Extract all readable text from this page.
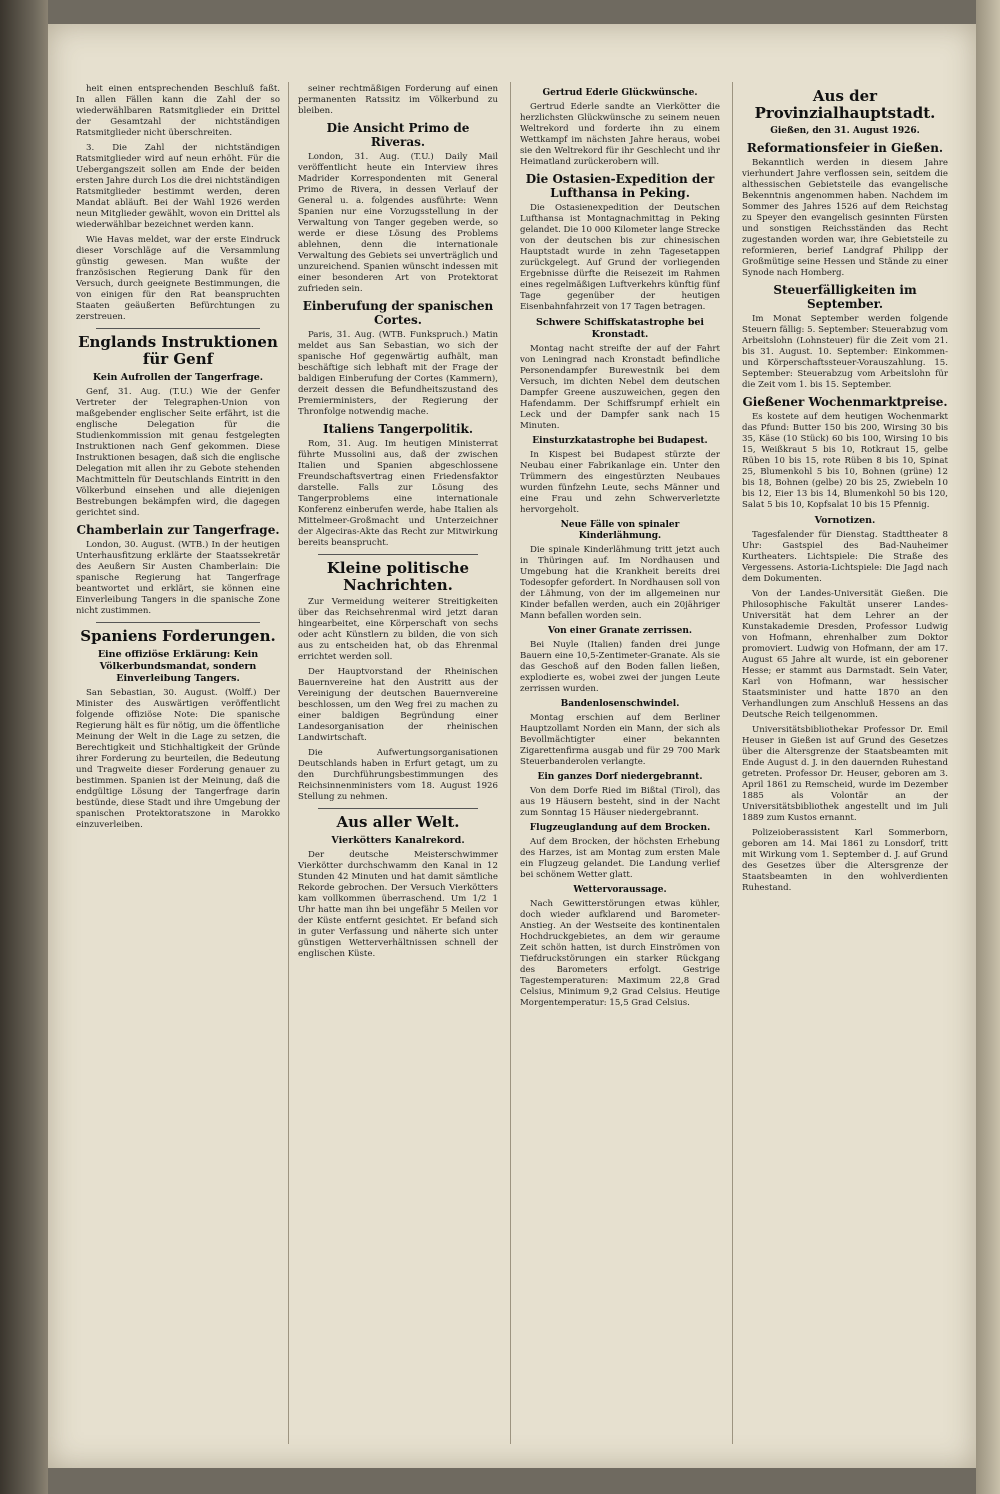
heit einen entsprechenden Beschluß faßt. In allen Fällen kann die Zahl der so wiederwählbaren Ratsmitglieder ein Drittel der Gesamtzahl der nichtständigen Ratsmitglieder nicht überschreiten.

3. Die Zahl der nichtständigen Ratsmitglieder wird auf neun erhöht. Für die Uebergangszeit sollen am Ende der beiden ersten Jahre durch Los die drei nichtständigen Ratsmitglieder bestimmt werden, deren Mandat abläuft. Bei der Wahl 1926 werden neun Mitglieder gewählt, wovon ein Drittel als wiederwählbar bezeichnet werden kann.

Wie Havas meldet, war der erste Eindruck dieser Vorschläge auf die Versammlung günstig gewesen. Man wußte der französischen Regierung Dank für den Versuch, durch geeignete Bestimmungen, die von einigen für den Rat beanspruchten Staaten geäußerten Befürchtungen zu zerstreuen.

Englands Instruktionen für Genf
Kein Aufrollen der Tangerfrage.

Genf, 31. Aug. (T.U.) Wie der Genfer Vertreter der Telegraphen-Union von maßgebender englischer Seite erfährt, ist die englische Delegation für die Studienkommission mit genau festgelegten Instruktionen nach Genf gekommen. Diese Instruktionen besagen, daß sich die englische Delegation mit allen ihr zu Gebote stehenden Machtmitteln für Deutschlands Eintritt in den Völkerbund einsehen und alle diejenigen Bestrebungen bekämpfen wird, die dagegen gerichtet sind.

Chamberlain zur Tangerfrage.

London, 30. August. (WTB.) In der heutigen Unterhausfitzung erklärte der Staatssekretär des Aeußern Sir Austen Chamberlain: Die spanische Regierung hat Tangerfrage beantwortet und erklärt, sie können eine Einverleibung Tangers in die spanische Zone nicht zustimmen.

Spaniens Forderungen.
Eine offiziöse Erklärung: Kein Völkerbundsmandat, sondern Einverleibung Tangers.

San Sebastian, 30. August. (Wolff.) Der Minister des Auswärtigen veröffentlicht folgende offiziöse Note: Die spanische Regierung hält es für nötig, um die öffentliche Meinung der Welt in die Lage zu setzen, die Berechtigkeit und Stichhaltigkeit der Gründe ihrer Forderung zu beurteilen, die Bedeutung und Tragweite dieser Forderung genauer zu bestimmen. Spanien ist der Meinung, daß die endgültige Lösung der Tangerfrage darin bestünde, diese Stadt und ihre Umgebung der spanischen Protektoratszone in Marokko einzuverleiben.

seiner rechtmäßigen Forderung auf einen permanenten Ratssitz im Völkerbund zu bleiben.

Die Ansicht Primo de Riveras.

London, 31. Aug. (T.U.) Daily Mail veröffentlicht heute ein Interview ihres Madrider Korrespondenten mit General Primo de Rivera, in dessen Verlauf der General u. a. folgendes ausführte: Wenn Spanien nur eine Vorzugsstellung in der Verwaltung von Tanger gegeben werde, so werde er diese Lösung des Problems ablehnen, denn die internationale Verwaltung des Gebiets sei unverträglich und unzureichend. Spanien wünscht indessen mit einer besonderen Art von Protektorat zufrieden sein.

Einberufung der spanischen Cortes.

Paris, 31. Aug. (WTB. Funkspruch.) Matin meldet aus San Sebastian, wo sich der spanische Hof gegenwärtig aufhält, man beschäftige sich lebhaft mit der Frage der baldigen Einberufung der Cortes (Kammern), derzeit dessen die Befundheitszustand des Premierministers, der Regierung der Thronfolge notwendig mache.

Italiens Tangerpolitik.

Rom, 31. Aug. Im heutigen Ministerrat führte Mussolini aus, daß der zwischen Italien und Spanien abgeschlossene Freundschaftsvertrag einen Friedensfaktor darstelle. Falls zur Lösung des Tangerproblems eine internationale Konferenz einberufen werde, habe Italien als Mittelmeer-Großmacht und Unterzeichner der Algeciras-Akte das Recht zur Mitwirkung bereits beansprucht.

Kleine politische Nachrichten.

Zur Vermeidung weiterer Streitigkeiten über das Reichsehrenmal wird jetzt daran hingearbeitet, eine Körperschaft von sechs oder acht Künstlern zu bilden, die von sich aus zu entscheiden hat, ob das Ehrenmal errichtet werden soll.

Der Hauptvorstand der Rheinischen Bauernvereine hat den Austritt aus der Vereinigung der deutschen Bauernvereine beschlossen, um den Weg frei zu machen zu einer baldigen Begründung einer Landesorganisation der rheinischen Landwirtschaft.

Die Aufwertungsorganisationen Deutschlands haben in Erfurt getagt, um zu den Durchführungsbestimmungen des Reichsinnenministers vom 18. August 1926 Stellung zu nehmen.

Aus aller Welt.
Vierkötters Kanalrekord.

Der deutsche Meisterschwimmer Vierkötter durchschwamm den Kanal in 12 Stunden 42 Minuten und hat damit sämtliche Rekorde gebrochen. Der Versuch Vierkötters kam vollkommen überraschend. Um 1/2 1 Uhr hatte man ihn bei ungefähr 5 Meilen vor der Küste entfernt gesichtet. Er befand sich in guter Verfassung und näherte sich unter günstigen Wetterverhältnissen schnell der englischen Küste.

Gertrud Ederle Glückwünsche.

Gertrud Ederle sandte an Vierkötter die herzlichsten Glückwünsche zu seinem neuen Weltrekord und forderte ihn zu einem Wettkampf im nächsten Jahre heraus, wobei sie den Weltrekord für ihr Geschlecht und ihr Heimatland zurückerobern will.

Die Ostasien-Expedition der Lufthansa in Peking.

Die Ostasienexpedition der Deutschen Lufthansa ist Montagnachmittag in Peking gelandet. Die 10 000 Kilometer lange Strecke von der deutschen bis zur chinesischen Hauptstadt wurde in zehn Tagesetappen zurückgelegt. Auf Grund der vorliegenden Ergebnisse dürfte die Reisezeit im Rahmen eines regelmäßigen Luftverkehrs künftig fünf Tage gegenüber der heutigen Eisenbahnfahrzeit von 17 Tagen betragen.

Schwere Schiffskatastrophe bei Kronstadt.

Montag nacht streifte der auf der Fahrt von Leningrad nach Kronstadt befindliche Personendampfer Burewestnik bei dem Versuch, im dichten Nebel dem deutschen Dampfer Greene auszuweichen, gegen den Hafendamm. Der Schiffsrumpf erhielt ein Leck und der Dampfer sank nach 15 Minuten.

Einsturzkatastrophe bei Budapest.

In Kispest bei Budapest stürzte der Neubau einer Fabrikanlage ein. Unter den Trümmern des eingestürzten Neubaues wurden fünfzehn Leute, sechs Männer und eine Frau und zehn Schwerverletzte hervorgeholt.

Neue Fälle von spinaler Kinderlähmung.

Die spinale Kinderlähmung tritt jetzt auch in Thüringen auf. Im Nordhausen und Umgebung hat die Krankheit bereits drei Todesopfer gefordert. In Nordhausen soll von der Lähmung, von der im allgemeinen nur Kinder befallen werden, auch ein 20jähriger Mann befallen worden sein.

Von einer Granate zerrissen.

Bei Nuyle (Italien) fanden drei junge Bauern eine 10,5-Zentimeter-Granate. Als sie das Geschoß auf den Boden fallen ließen, explodierte es, wobei zwei der jungen Leute zerrissen wurden.

Bandenlosenschwindel.

Montag erschien auf dem Berliner Hauptzollamt Norden ein Mann, der sich als Bevollmächtigter einer bekannten Zigarettenfirma ausgab und für 29 700 Mark Steuerbanderolen verlangte.

Ein ganzes Dorf niedergebrannt.

Von dem Dorfe Ried im Bißtal (Tirol), das aus 19 Häusern besteht, sind in der Nacht zum Sonntag 15 Häuser niedergebrannt.

Flugzeuglandung auf dem Brocken.

Auf dem Brocken, der höchsten Erhebung des Harzes, ist am Montag zum ersten Male ein Flugzeug gelandet. Die Landung verlief bei schönem Wetter glatt.

Wettervoraussage.

Nach Gewitterstörungen etwas kühler, doch wieder aufklarend und Barometer-Anstieg. An der Westseite des kontinentalen Hochdruckgebietes, an dem wir geraume Zeit schön hatten, ist durch Einströmen von Tiefdruckstörungen ein starker Rückgang des Barometers erfolgt. Gestrige Tagestemperaturen: Maximum 22,8 Grad Celsius, Minimum 9,2 Grad Celsius. Heutige Morgentemperatur: 15,5 Grad Celsius.

Aus der Provinzialhauptstadt.
Gießen, den 31. August 1926.
Reformationsfeier in Gießen.

Bekanntlich werden in diesem Jahre vierhundert Jahre verflossen sein, seitdem die althessischen Gebietsteile das evangelische Bekenntnis angenommen haben. Nachdem im Sommer des Jahres 1526 auf dem Reichstag zu Speyer den evangelisch gesinnten Fürsten und sonstigen Reichsständen das Recht zugestanden worden war, ihre Gebietsteile zu reformieren, berief Landgraf Philipp der Großmütige seine Hessen und Stände zu einer Synode nach Homberg.

Steuerfälligkeiten im September.

Im Monat September werden folgende Steuern fällig: 5. September: Steuerabzug vom Arbeitslohn (Lohnsteuer) für die Zeit vom 21. bis 31. August. 10. September: Einkommen- und Körperschaftssteuer-Vorauszahlung. 15. September: Steuerabzug vom Arbeitslohn für die Zeit vom 1. bis 15. September.

Gießener Wochenmarktpreise.

Es kostete auf dem heutigen Wochenmarkt das Pfund: Butter 150 bis 200, Wirsing 30 bis 35, Käse (10 Stück) 60 bis 100, Wirsing 10 bis 15, Weißkraut 5 bis 10, Rotkraut 15, gelbe Rüben 10 bis 15, rote Rüben 8 bis 10, Spinat 25, Blumenkohl 5 bis 10, Bohnen (grüne) 12 bis 18, Bohnen (gelbe) 20 bis 25, Zwiebeln 10 bis 12, Eier 13 bis 14, Blumenkohl 50 bis 120, Salat 5 bis 10, Kopfsalat 10 bis 15 Pfennig.

Vornotizen.

Tagesfalender für Dienstag. Stadttheater 8 Uhr: Gastspiel des Bad-Nauheimer Kurtheaters. Lichtspiele: Die Straße des Vergessens. Astoria-Lichtspiele: Die Jagd nach dem Dokumenten.

Von der Landes-Universität Gießen. Die Philosophische Fakultät unserer Landes-Universität hat dem Lehrer an der Kunstakademie Dresden, Professor Ludwig von Hofmann, ehrenhalber zum Doktor promoviert. Ludwig von Hofmann, der am 17. August 65 Jahre alt wurde, ist ein geborener Hesse; er stammt aus Darmstadt. Sein Vater, Karl von Hofmann, war hessischer Staatsminister und hatte 1870 an den Verhandlungen zum Anschluß Hessens an das Deutsche Reich teilgenommen.

Universitätsbibliothekar Professor Dr. Emil Heuser in Gießen ist auf Grund des Gesetzes über die Altersgrenze der Staatsbeamten mit Ende August d. J. in den dauernden Ruhestand getreten. Professor Dr. Heuser, geboren am 3. April 1861 zu Remscheid, wurde im Dezember 1885 als Volontär an der Universitätsbibliothek angestellt und im Juli 1889 zum Kustos ernannt.

Polizeioberassistent Karl Sommerborn, geboren am 14. Mai 1861 zu Lonsdorf, tritt mit Wirkung vom 1. September d. J. auf Grund des Gesetzes über die Altersgrenze der Staatsbeamten in den wohlverdienten Ruhestand.
